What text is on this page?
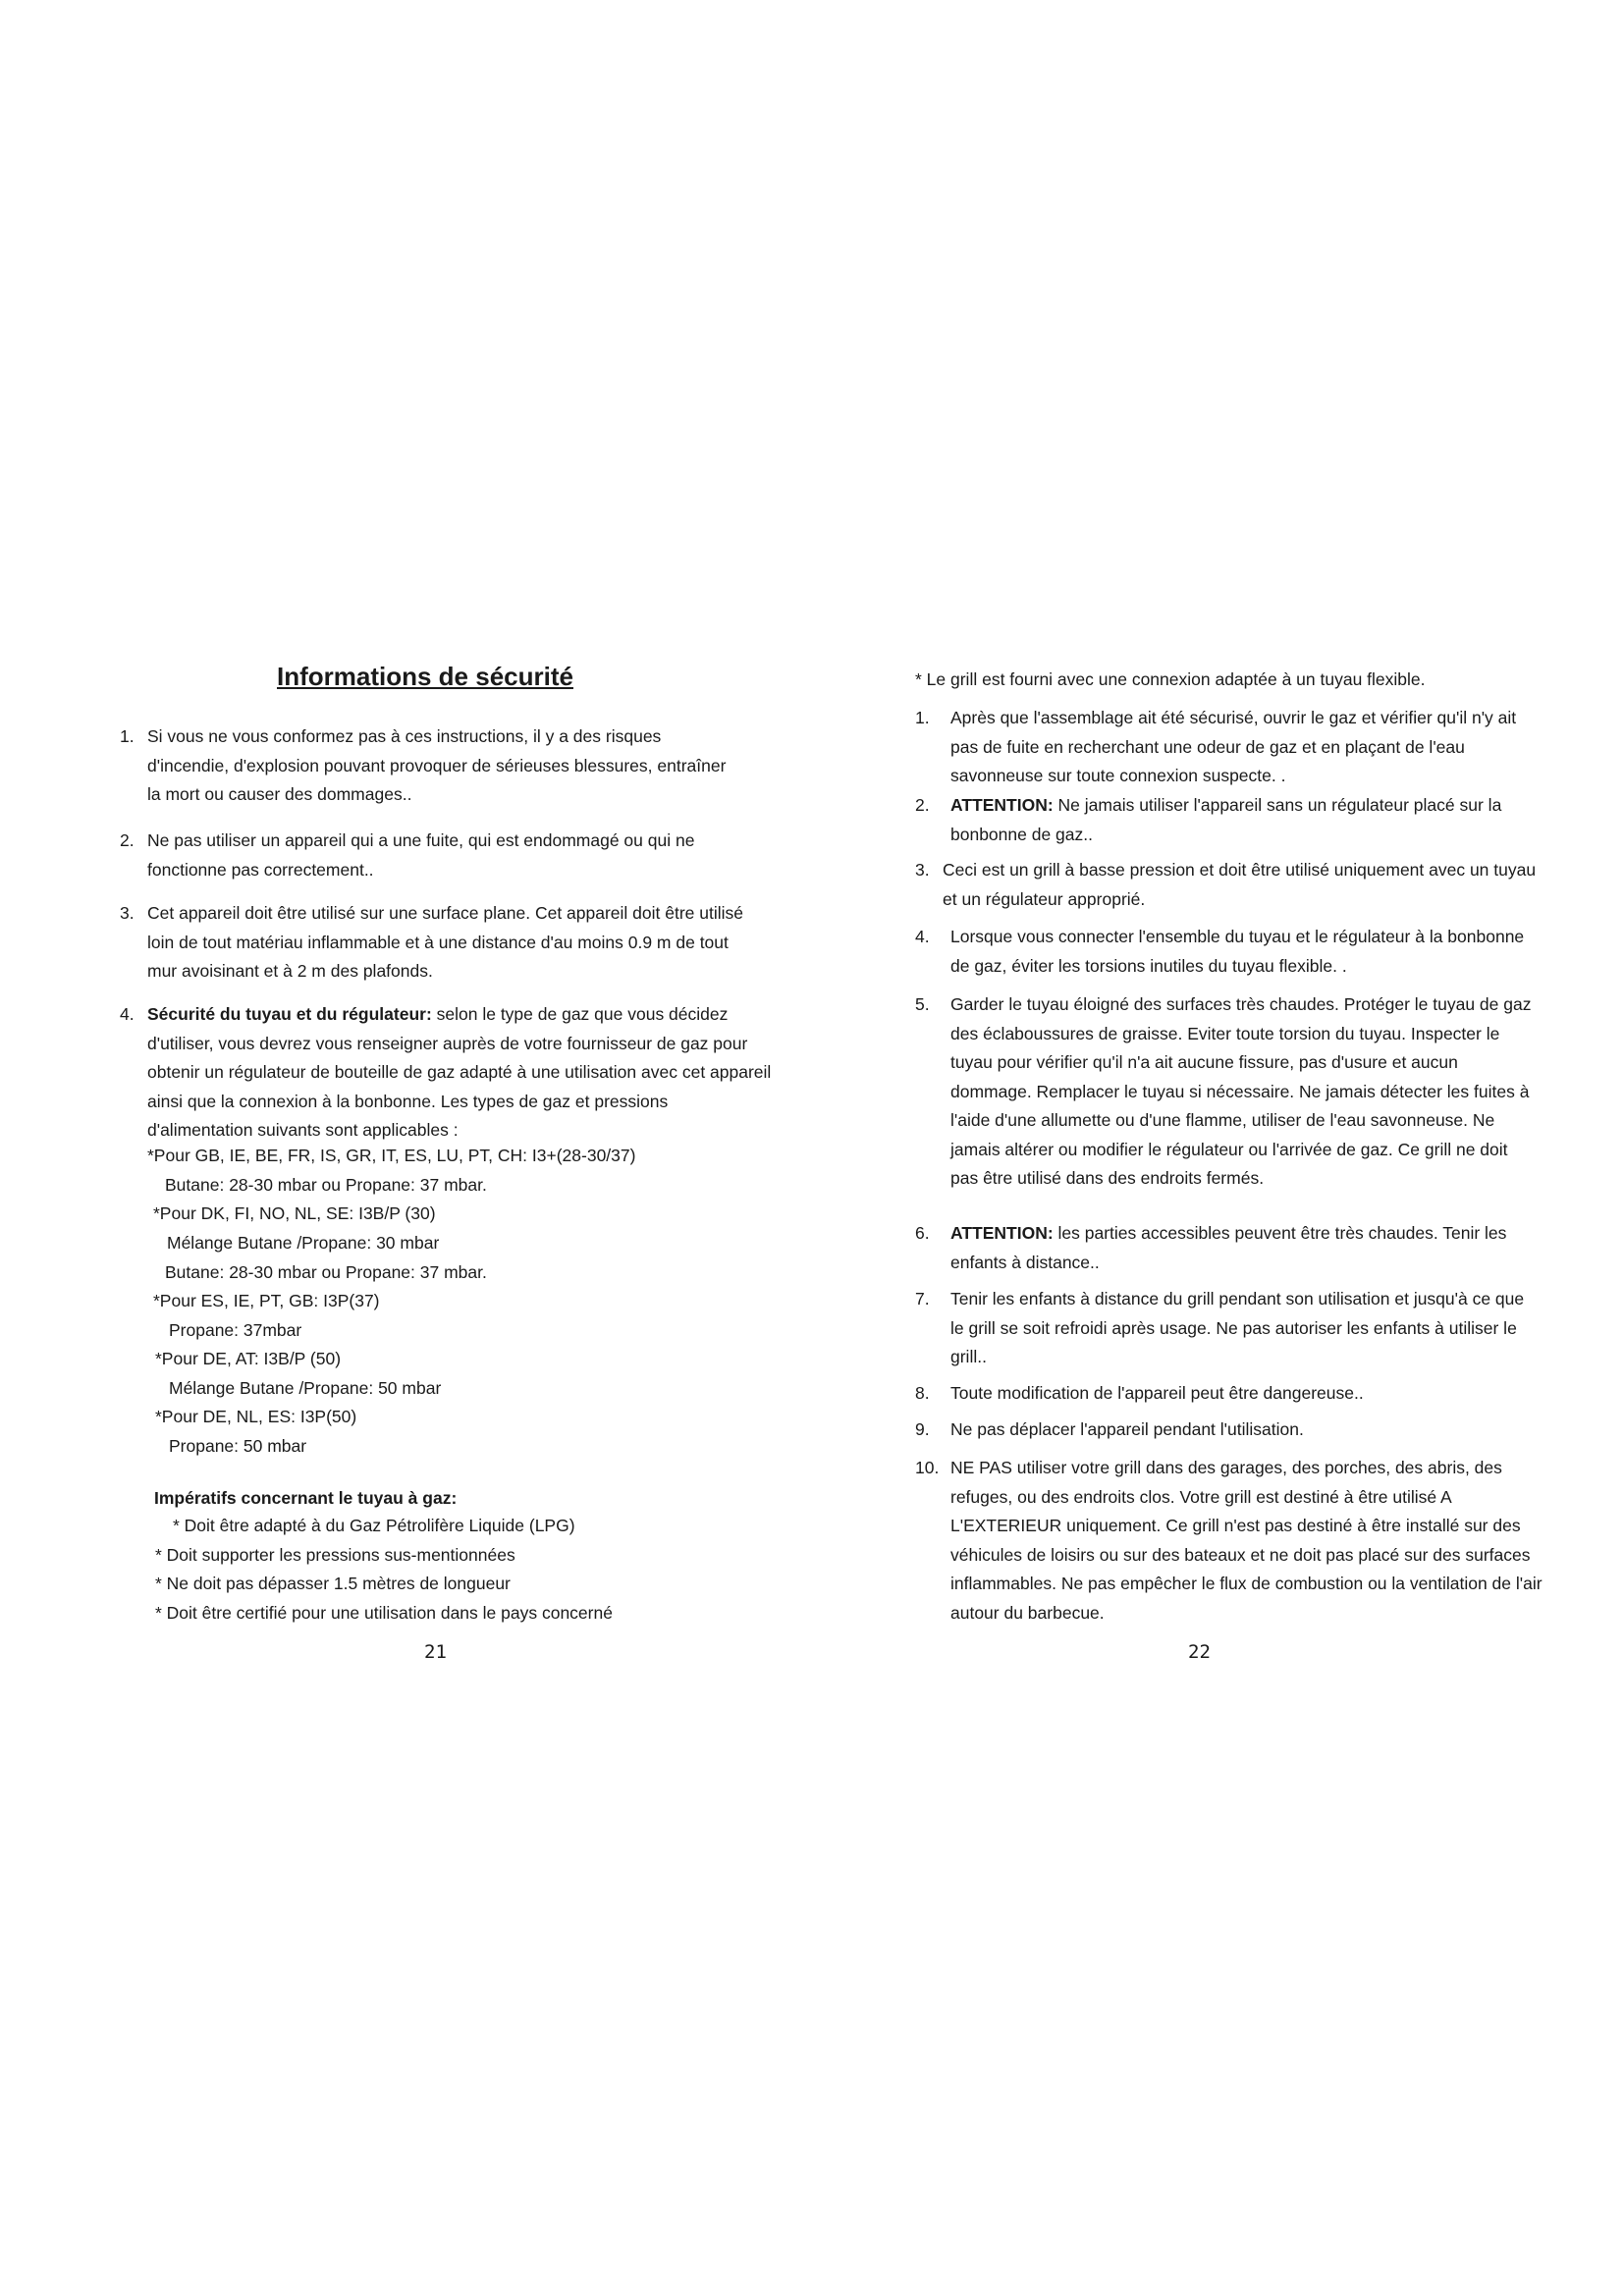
Informations de sécurité
1. Si vous ne vous conformez pas à ces instructions, il y a des risques d'incendie, d'explosion pouvant provoquer de sérieuses blessures, entraîner la mort ou causer des dommages..
2. Ne pas utiliser un appareil qui a une fuite, qui est endommagé ou qui ne fonctionne pas correctement..
3. Cet appareil doit être utilisé sur une surface plane. Cet appareil doit être utilisé loin de tout matériau inflammable et à une distance d'au moins 0.9 m de tout mur avoisinant et à 2 m des plafonds.
4. Sécurité du tuyau et du régulateur: selon le type de gaz que vous décidez d'utiliser, vous devrez vous renseigner auprès de votre fournisseur de gaz pour obtenir un régulateur de bouteille de gaz adapté à une utilisation avec cet appareil ainsi que la connexion à la bonbonne. Les types de gaz et pressions d'alimentation suivants sont applicables :
*Pour GB, IE, BE, FR, IS, GR, IT, ES, LU, PT, CH: I3+(28-30/37)
Butane: 28-30 mbar ou Propane: 37 mbar.
*Pour DK, FI, NO, NL, SE: I3B/P (30)
Mélange Butane /Propane: 30 mbar
Butane: 28-30 mbar ou Propane: 37 mbar.
*Pour ES, IE, PT, GB: I3P(37)
Propane: 37mbar
*Pour DE, AT: I3B/P (50)
Mélange Butane /Propane: 50 mbar
*Pour DE, NL, ES: I3P(50)
Propane: 50 mbar
Impératifs concernant le tuyau à gaz:
* Doit être adapté à du Gaz Pétrolifère Liquide (LPG)
* Doit supporter les pressions sus-mentionnées
* Ne doit pas dépasser 1.5 mètres de longueur
* Doit être certifié pour une utilisation dans le pays concerné
21
* Le grill est fourni avec une connexion adaptée à un tuyau flexible.
1. Après que l'assemblage ait été sécurisé, ouvrir le gaz et vérifier qu'il n'y ait pas de fuite en recherchant une odeur de gaz et en plaçant de l'eau savonneuse sur toute connexion suspecte. .
2. ATTENTION: Ne jamais utiliser l'appareil sans un régulateur placé sur la bonbonne de gaz..
3. Ceci est un grill à basse pression et doit être utilisé uniquement avec un tuyau et un régulateur approprié.
4. Lorsque vous connecter l'ensemble du tuyau et le régulateur à la bonbonne de gaz, éviter les torsions inutiles du tuyau flexible. .
5. Garder le tuyau éloigné des surfaces très chaudes. Protéger le tuyau de gaz des éclaboussures de graisse. Eviter toute torsion du tuyau. Inspecter le tuyau pour vérifier qu'il n'a ait aucune fissure, pas d'usure et aucun dommage. Remplacer le tuyau si nécessaire. Ne jamais détecter les fuites à l'aide d'une allumette ou d'une flamme, utiliser de l'eau savonneuse. Ne jamais altérer ou modifier le régulateur ou l'arrivée de gaz. Ce grill ne doit pas être utilisé dans des endroits fermés.
6. ATTENTION: les parties accessibles peuvent être très chaudes. Tenir les enfants à distance..
7. Tenir les enfants à distance du grill pendant son utilisation et jusqu'à ce que le grill se soit refroidi après usage. Ne pas autoriser les enfants à utiliser le grill..
8. Toute modification de l'appareil peut être dangereuse..
9. Ne pas déplacer l'appareil pendant l'utilisation.
10. NE PAS utiliser votre grill dans des garages, des porches, des abris, des refuges, ou des endroits clos. Votre grill est destiné à être utilisé A L'EXTERIEUR uniquement. Ce grill n'est pas destiné à être installé sur des véhicules de loisirs ou sur des bateaux et ne doit pas placé sur des surfaces inflammables. Ne pas empêcher le flux de combustion ou la ventilation de l'air autour du barbecue.
22
